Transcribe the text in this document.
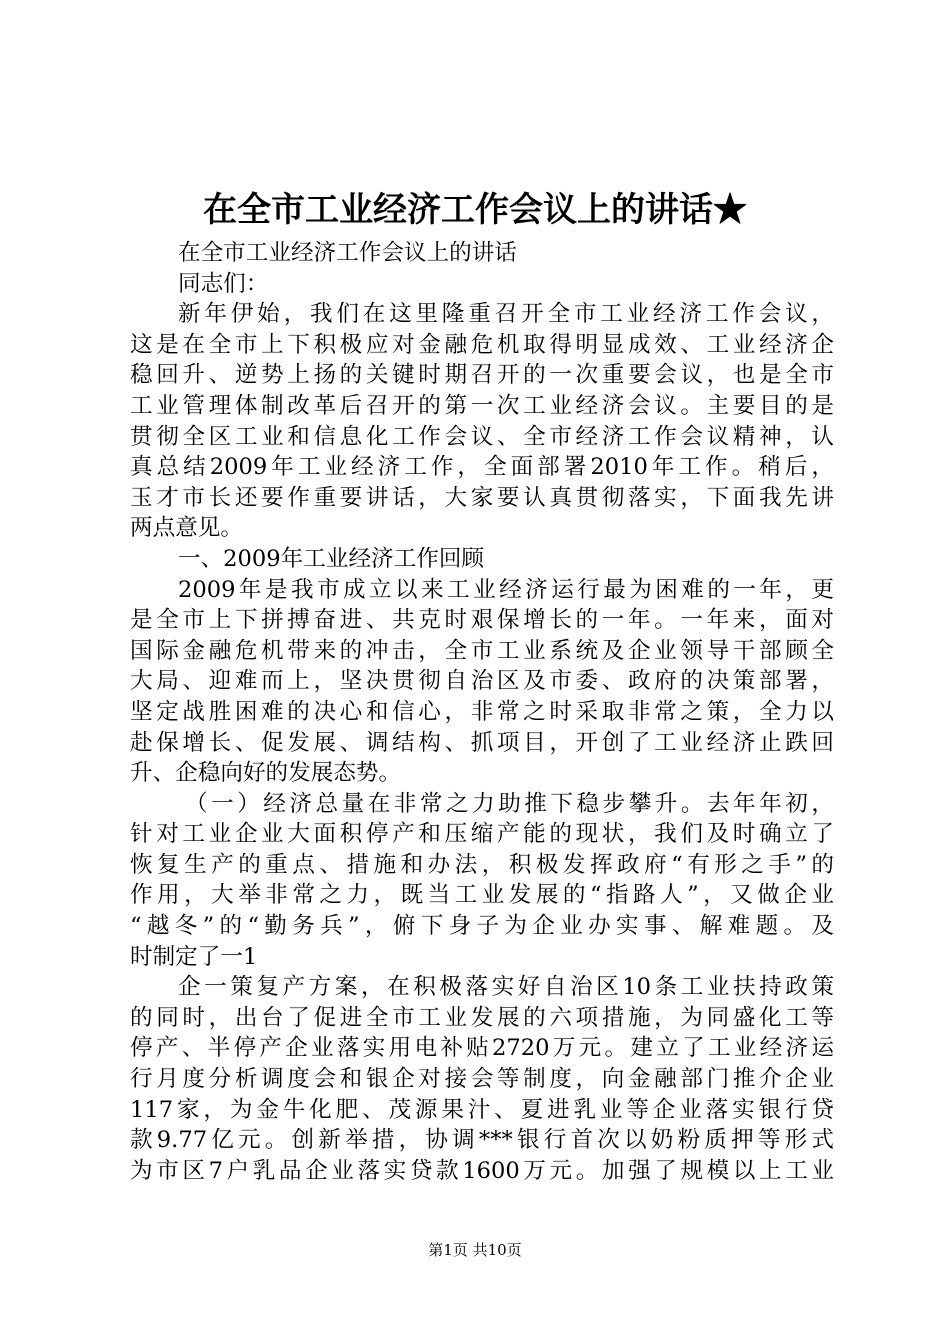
在全市工业经济工作会议上的讲话★
在全市工业经济工作会议上的讲话
同志们：
新年伊始，我们在这里隆重召开全市工业经济工作会议，
这是在全市上下积极应对金融危机取得明显成效、工业经济企
稳回升、逆势上扬的关键时期召开的一次重要会议，也是全市
工业管理体制改革后召开的第一次工业经济会议。主要目的是
贯彻全区工业和信息化工作会议、全市经济工作会议精神，认
真总结2009年工业经济工作，全面部署2010年工作。稍后，
玉才市长还要作重要讲话，大家要认真贯彻落实，下面我先讲
两点意见。
一、2009年工业经济工作回顾
2009年是我市成立以来工业经济运行最为困难的一年，更
是全市上下拼搏奋进、共克时艰保增长的一年。一年来，面对
国际金融危机带来的冲击，全市工业系统及企业领导干部顾全
大局、迎难而上，坚决贯彻自治区及市委、政府的决策部署，
坚定战胜困难的决心和信心，非常之时采取非常之策，全力以
赴保增长、促发展、调结构、抓项目，开创了工业经济止跌回
升、企稳向好的发展态势。
（一）经济总量在非常之力助推下稳步攀升。去年年初，
针对工业企业大面积停产和压缩产能的现状，我们及时确立了
恢复生产的重点、措施和办法，积极发挥政府“有形之手”的
作用，大举非常之力，既当工业发展的“指路人”，又做企业
“越冬”的“勤务兵”，俯下身子为企业办实事、解难题。及
时制定了一1
企一策复产方案，在积极落实好自治区10条工业扶持政策
的同时，出台了促进全市工业发展的六项措施，为同盛化工等
停产、半停产企业落实用电补贴2720万元。建立了工业经济运
行月度分析调度会和银企对接会等制度，向金融部门推介企业
117家，为金牛化肥、茂源果汁、夏进乳业等企业落实银行贷
款9.77亿元。创新举措，协调***银行首次以奶粉质押等形式
为市区7户乳品企业落实贷款1600万元。加强了规模以上工业
第1页 共10页
